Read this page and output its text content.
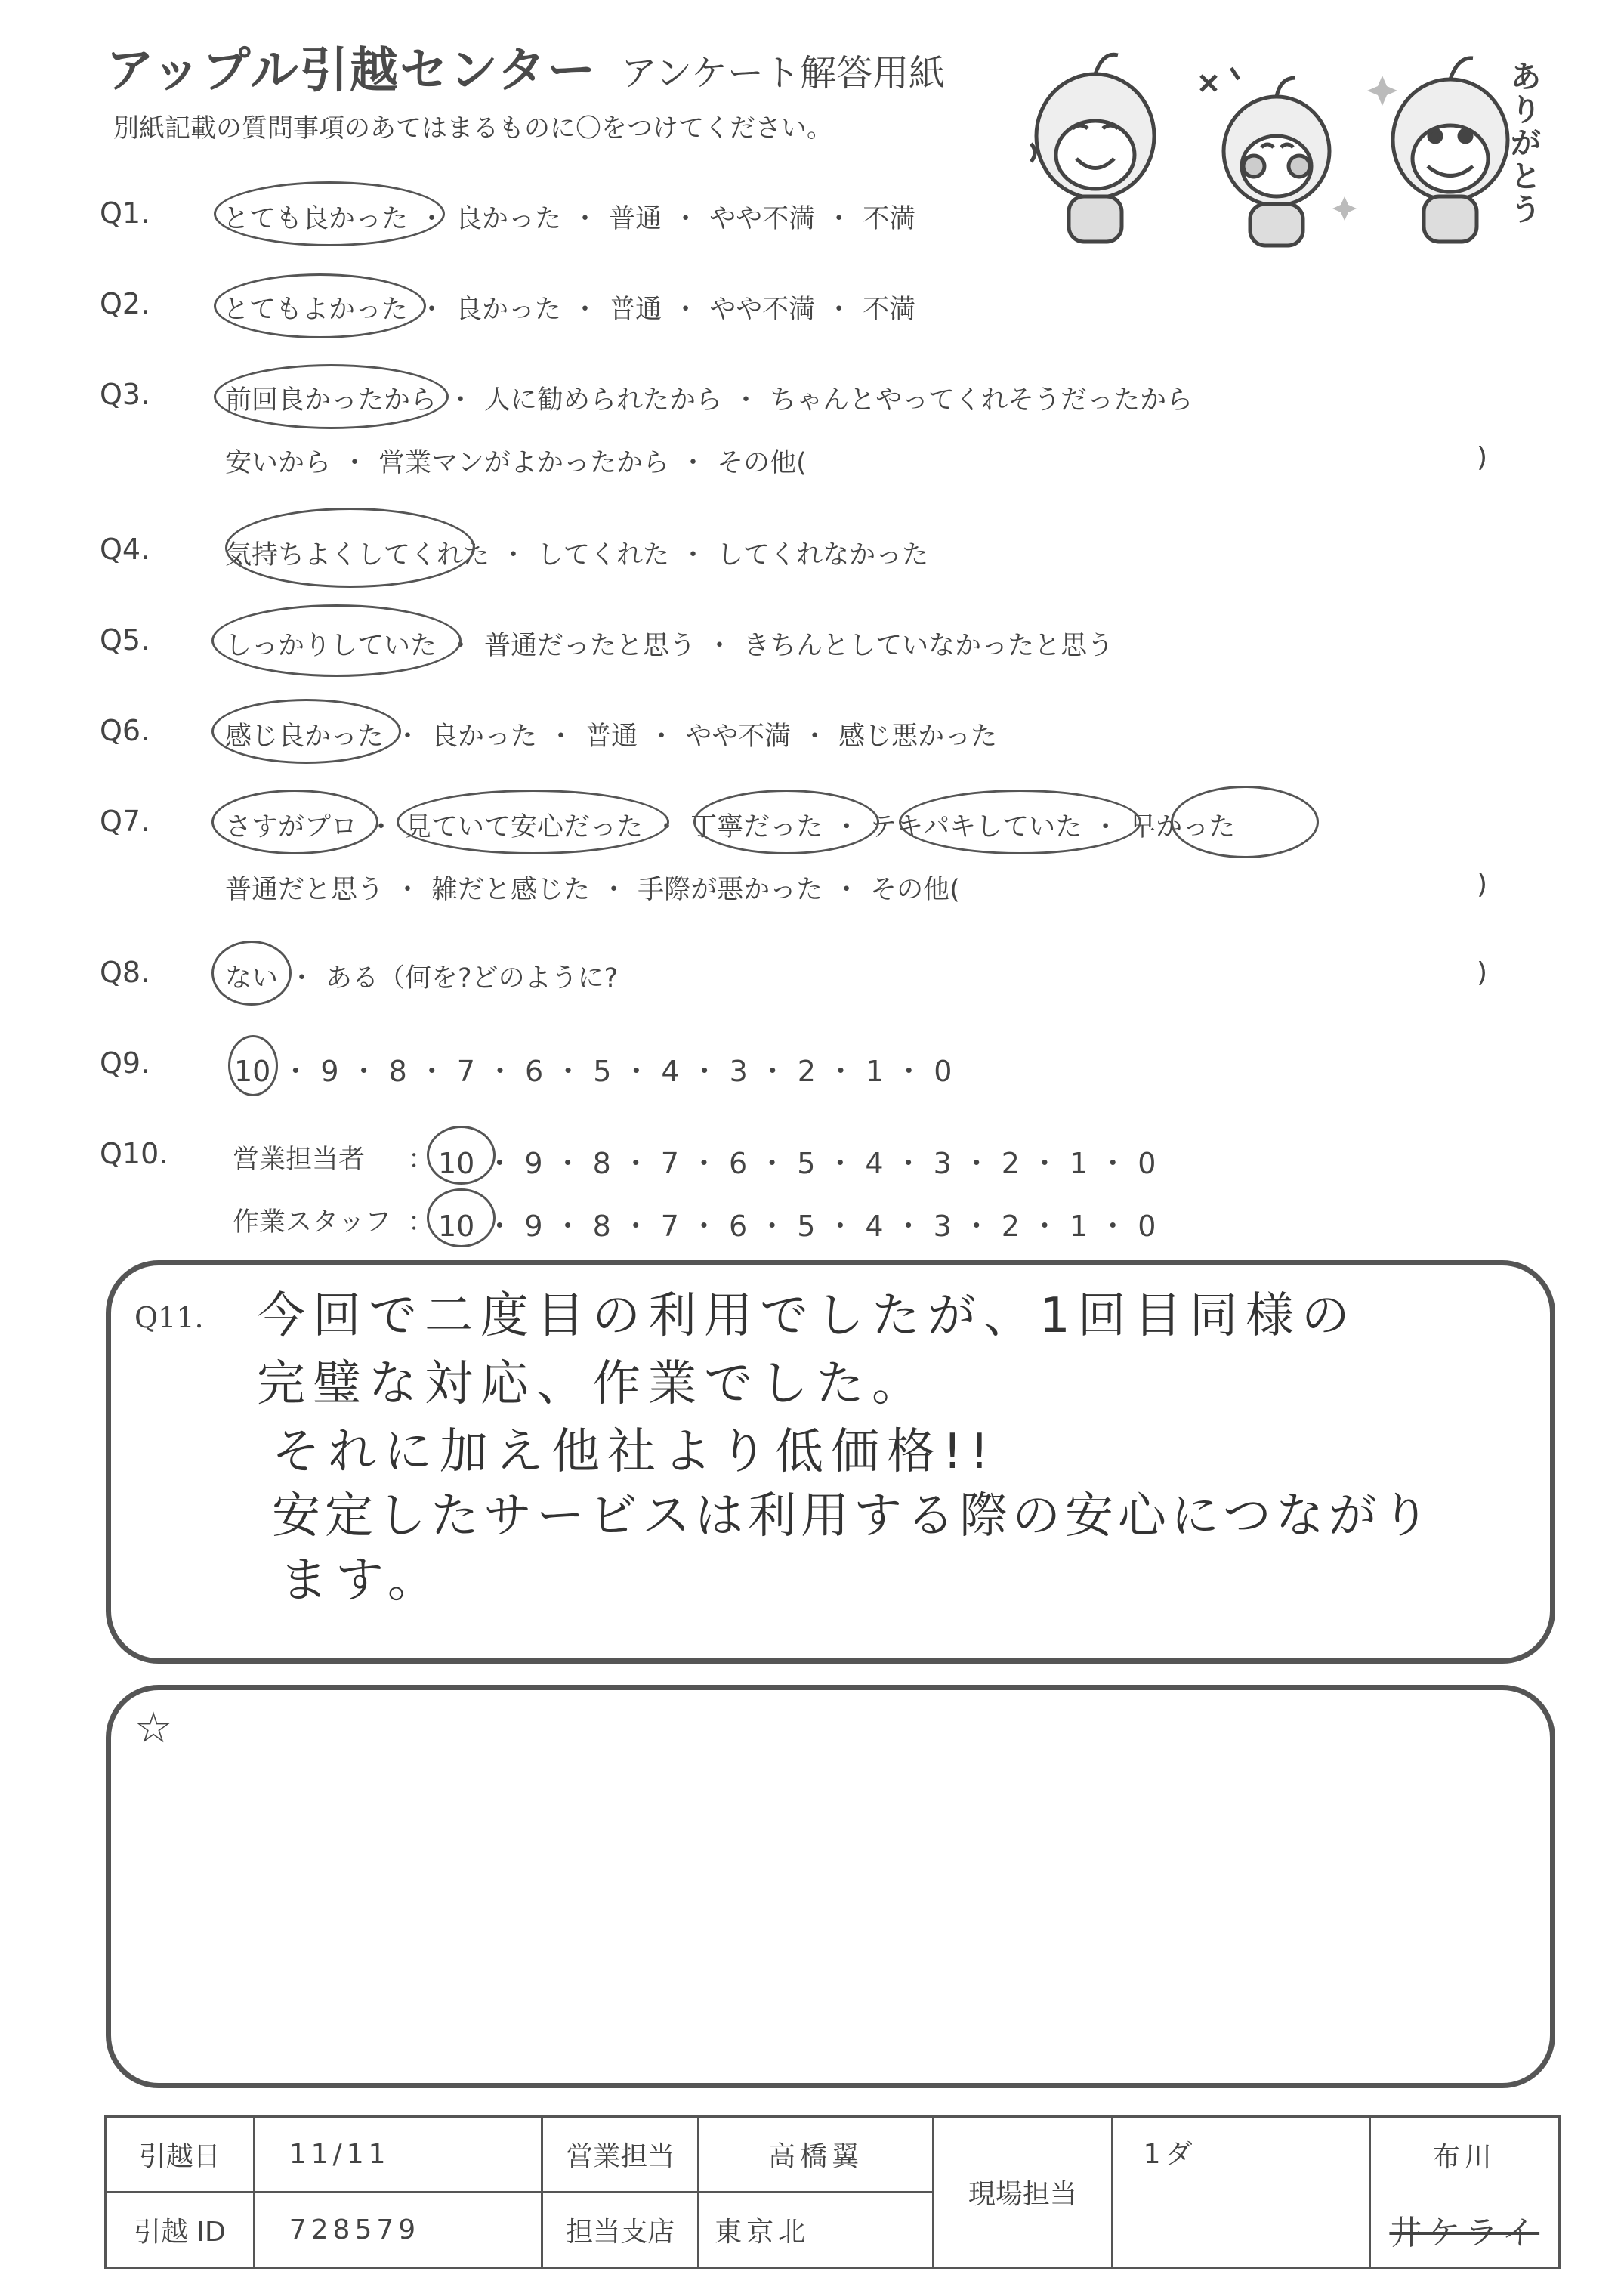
アップル引越センター アンケート解答用紙
別紙記載の質問事項のあてはまるものに〇をつけてください。
ありがとう
Q1.	とても良かった ・ 良かった ・ 普通 ・ やや不満 ・ 不満
Q2.	とてもよかった ・ 良かった ・ 普通 ・ やや不満 ・ 不満
Q3.	前回良かったから ・ 人に勧められたから ・ ちゃんとやってくれそうだったから
安いから ・ 営業マンがよかったから ・ その他(	)
Q4.	気持ちよくしてくれた ・ してくれた ・ してくれなかった
Q5.	しっかりしていた ・ 普通だったと思う ・ きちんとしていなかったと思う
Q6.	感じ良かった ・ 良かった ・ 普通 ・ やや不満 ・ 感じ悪かった
Q7.	さすがプロ ・ 見ていて安心だった ・ 丁寧だった ・ テキパキしていた ・ 早かった
普通だと思う ・ 雑だと感じた ・ 手際が悪かった ・ その他(	)
Q8.	ない ・ ある（何を?どのように?	)
Q9.	10 ・ 9 ・ 8 ・ 7 ・ 6 ・ 5 ・ 4 ・ 3 ・ 2 ・ 1 ・ 0
Q10. 営業担当者 ： 10 ・ 9 ・ 8 ・ 7 ・ 6 ・ 5 ・ 4 ・ 3 ・ 2 ・ 1 ・ 0
作業スタッフ ： 10 ・ 9 ・ 8 ・ 7 ・ 6 ・ 5 ・ 4 ・ 3 ・ 2 ・ 1 ・ 0
Q11. 今回で二度目の利用でしたが、1回目同様の
完璧な対応、作業でした。
それに加え他社より低価格!!
安定したサービスは利用する際の安心につながり
ます。
☆
引越日	11/11	営業担当	高橋翼	現場担当	1ダ	布川
引越 ID	728579	担当支店	東京北			井ケライ
